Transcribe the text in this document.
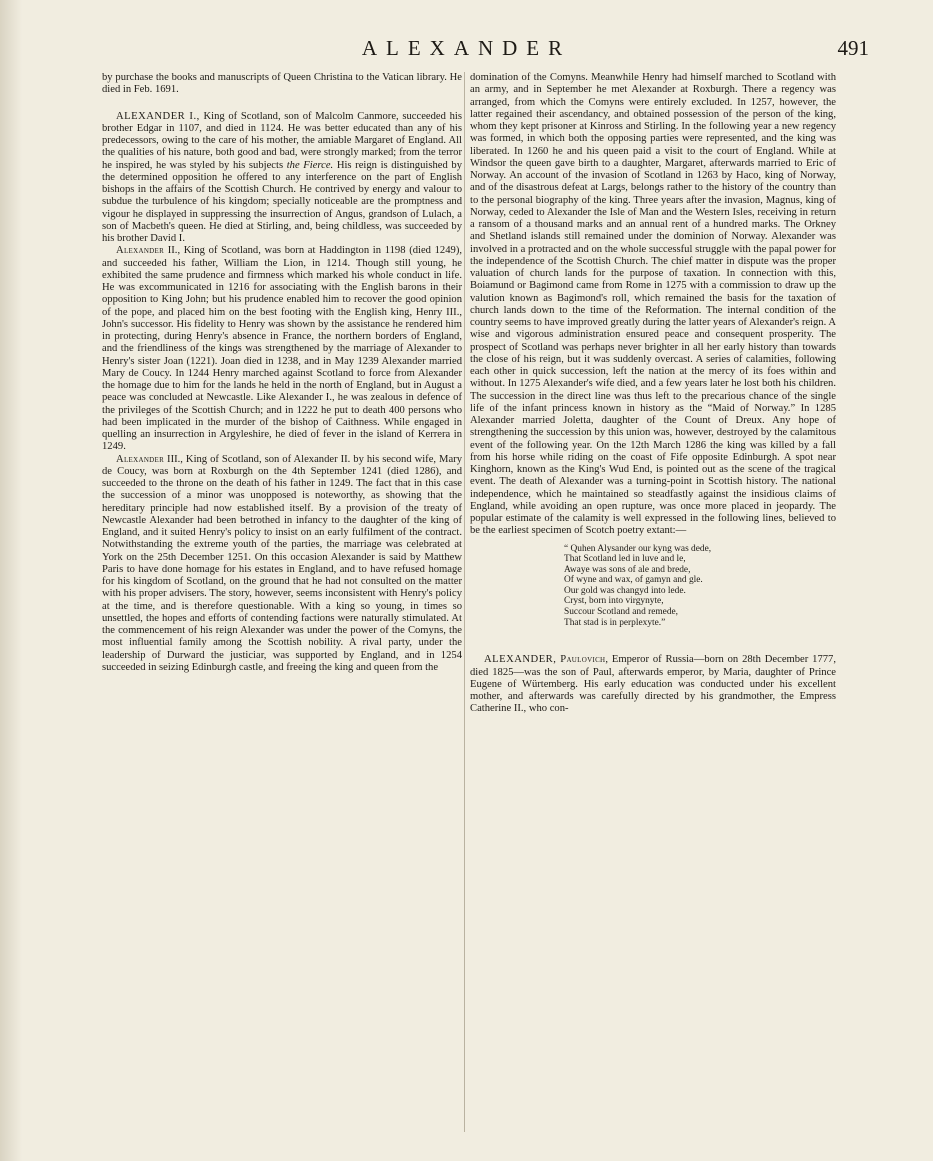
ALEXANDER	491

by purchase the books and manuscripts of Queen Christina to the Vatican library. He died in Feb. 1691.

ALEXANDER I., King of Scotland, son of Malcolm Canmore, succeeded his brother Edgar in 1107, and died in 1124. He was better educated than any of his predecessors, owing to the care of his mother, the amiable Margaret of England. All the qualities of his nature, both good and bad, were strongly marked; from the terror he inspired, he was styled by his subjects the Fierce. His reign is distinguished by the determined opposition he offered to any interference on the part of English bishops in the affairs of the Scottish Church. He contrived by energy and valour to subdue the turbulence of his kingdom; specially noticeable are the promptness and vigour he displayed in suppressing the insurrection of Angus, grandson of Lulach, a son of Macbeth's queen. He died at Stirling, and, being childless, was succeeded by his brother David I.

Alexander II., King of Scotland, was born at Haddington in 1198 (died 1249), and succeeded his father, William the Lion, in 1214. Though still young, he exhibited the same prudence and firmness which marked his whole conduct in life. He was excommunicated in 1216 for associating with the English barons in their opposition to King John; but his prudence enabled him to recover the good opinion of the pope, and placed him on the best footing with the English king, Henry III., John's successor. His fidelity to Henry was shown by the assistance he rendered him in protecting, during Henry's absence in France, the northern borders of England, and the friendliness of the kings was strengthened by the marriage of Alexander to Henry's sister Joan (1221). Joan died in 1238, and in May 1239 Alexander married Mary de Coucy. In 1244 Henry marched against Scotland to force from Alexander the homage due to him for the lands he held in the north of England, but in August a peace was concluded at Newcastle. Like Alexander I., he was zealous in defence of the privileges of the Scottish Church; and in 1222 he put to death 400 persons who had been implicated in the murder of the bishop of Caithness. While engaged in quelling an insurrection in Argyleshire, he died of fever in the island of Kerrera in 1249.

Alexander III., King of Scotland, son of Alexander II. by his second wife, Mary de Coucy, was born at Roxburgh on the 4th September 1241 (died 1286), and succeeded to the throne on the death of his father in 1249. The fact that in this case the succession of a minor was unopposed is noteworthy, as showing that the hereditary principle had now established itself. By a provision of the treaty of Newcastle Alexander had been betrothed in infancy to the daughter of the king of England, and it suited Henry's policy to insist on an early fulfilment of the contract. Notwithstanding the extreme youth of the parties, the marriage was celebrated at York on the 25th December 1251. On this occasion Alexander is said by Matthew Paris to have done homage for his estates in England, and to have refused homage for his kingdom of Scotland, on the ground that he had not consulted on the matter with his proper advisers. The story, however, seems inconsistent with Henry's policy at the time, and is therefore questionable. With a king so young, in times so unsettled, the hopes and efforts of contending factions were naturally stimulated. At the commencement of his reign Alexander was under the power of the Comyns, the most influential family among the Scottish nobility. A rival party, under the leadership of Durward the justiciar, was supported by England, and in 1254 succeeded in seizing Edinburgh castle, and freeing the king and queen from the

domination of the Comyns. Meanwhile Henry had himself marched to Scotland with an army, and in September he met Alexander at Roxburgh. There a regency was arranged, from which the Comyns were entirely excluded. In 1257, however, the latter regained their ascendancy, and obtained possession of the person of the king, whom they kept prisoner at Kinross and Stirling. In the following year a new regency was formed, in which both the opposing parties were represented, and the king was liberated. In 1260 he and his queen paid a visit to the court of England. While at Windsor the queen gave birth to a daughter, Margaret, afterwards married to Eric of Norway. An account of the invasion of Scotland in 1263 by Haco, king of Norway, and of the disastrous defeat at Largs, belongs rather to the history of the country than to the personal biography of the king. Three years after the invasion, Magnus, king of Norway, ceded to Alexander the Isle of Man and the Western Isles, receiving in return a ransom of a thousand marks and an annual rent of a hundred marks. The Orkney and Shetland islands still remained under the dominion of Norway. Alexander was involved in a protracted and on the whole successful struggle with the papal power for the independence of the Scottish Church. The chief matter in dispute was the proper valuation of church lands for the purpose of taxation. In connection with this, Boiamund or Bagimond came from Rome in 1275 with a commission to draw up the valution known as Bagimond's roll, which remained the basis for the taxation of church lands down to the time of the Reformation. The internal condition of the country seems to have improved greatly during the latter years of Alexander's reign. A wise and vigorous administration ensured peace and consequent prosperity. The prospect of Scotland was perhaps never brighter in all her early history than towards the close of his reign, but it was suddenly overcast. A series of calamities, following each other in quick succession, left the nation at the mercy of its foes within and without. In 1275 Alexander's wife died, and a few years later he lost both his children. The succession in the direct line was thus left to the precarious chance of the single life of the infant princess known in history as the “Maid of Norway.” In 1285 Alexander married Joletta, daughter of the Count of Dreux. Any hope of strengthening the succession by this union was, however, destroyed by the calamitous event of the following year. On the 12th March 1286 the king was killed by a fall from his horse while riding on the coast of Fife opposite Edinburgh. A spot near Kinghorn, known as the King's Wud End, is pointed out as the scene of the tragical event. The death of Alexander was a turning-point in Scottish history. The national independence, which he maintained so steadfastly against the insidious claims of England, while avoiding an open rupture, was once more placed in jeopardy. The popular estimate of the calamity is well expressed in the following lines, believed to be the earliest specimen of Scotch poetry extant:—

“ Quhen Alysander our kyng was dede,
That Scotland led in luve and le,
Awaye was sons of ale and brede,
Of wyne and wax, of gamyn and gle.
Our gold was changyd into lede.
Cryst, born into virgynyte,
Succour Scotland and remede,
That stad is in perplexyte.”

ALEXANDER, Paulovich, Emperor of Russia—born on 28th December 1777, died 1825—was the son of Paul, afterwards emperor, by Maria, daughter of Prince Eugene of Würtemberg. His early education was conducted under his excellent mother, and afterwards was carefully directed by his grandmother, the Empress Catherine II., who con-
